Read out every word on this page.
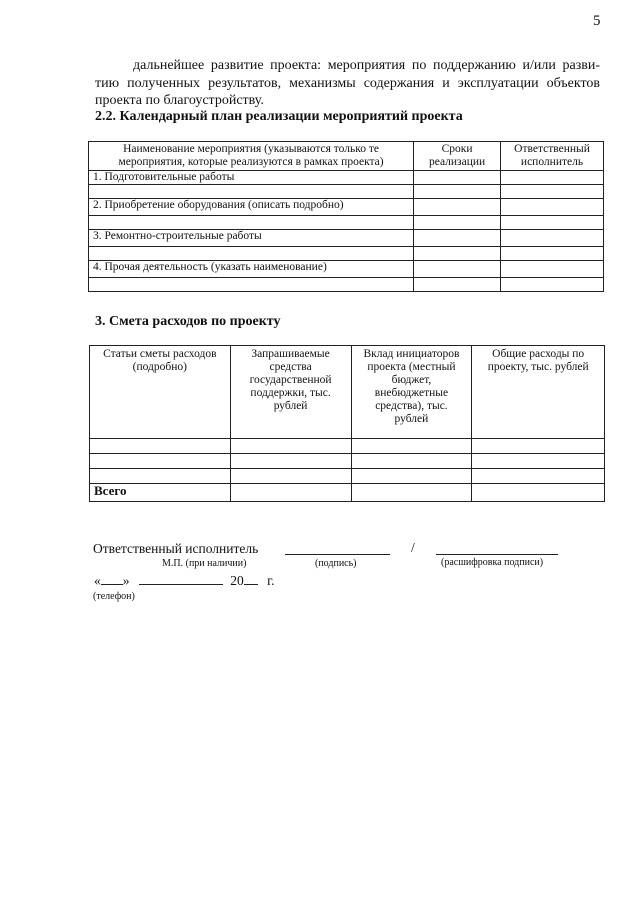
5
дальнейшее развитие проекта: мероприятия по поддержанию и/или разви-
тию полученных результатов, механизмы содержания и эксплуатации объектов
проекта по благоустройству.
2.2. Календарный план реализации мероприятий проекта
Наименование мероприятия (указываются только те мероприятия, которые реализуются в рамках проекта)	Сроки реализации	Ответственный исполнитель
1. Подготовительные работы		

2. Приобретение оборудования (описать подробно)		

3. Ремонтно-строительные работы		

4. Прочая деятельность (указать наименование)		

3. Смета расходов по проекту
Статьи сметы расходов (подробно)	Запрашиваемые средства государственной поддержки, тыс. рублей	Вклад инициаторов проекта (местный бюджет, внебюджетные средства), тыс. рублей	Общие расходы по проекту, тыс. рублей

Всего			
Ответственный исполнитель	/
М.П. (при наличии)	(подпись)	(расшифровка подписи)
« »	20 г.
(телефон)
